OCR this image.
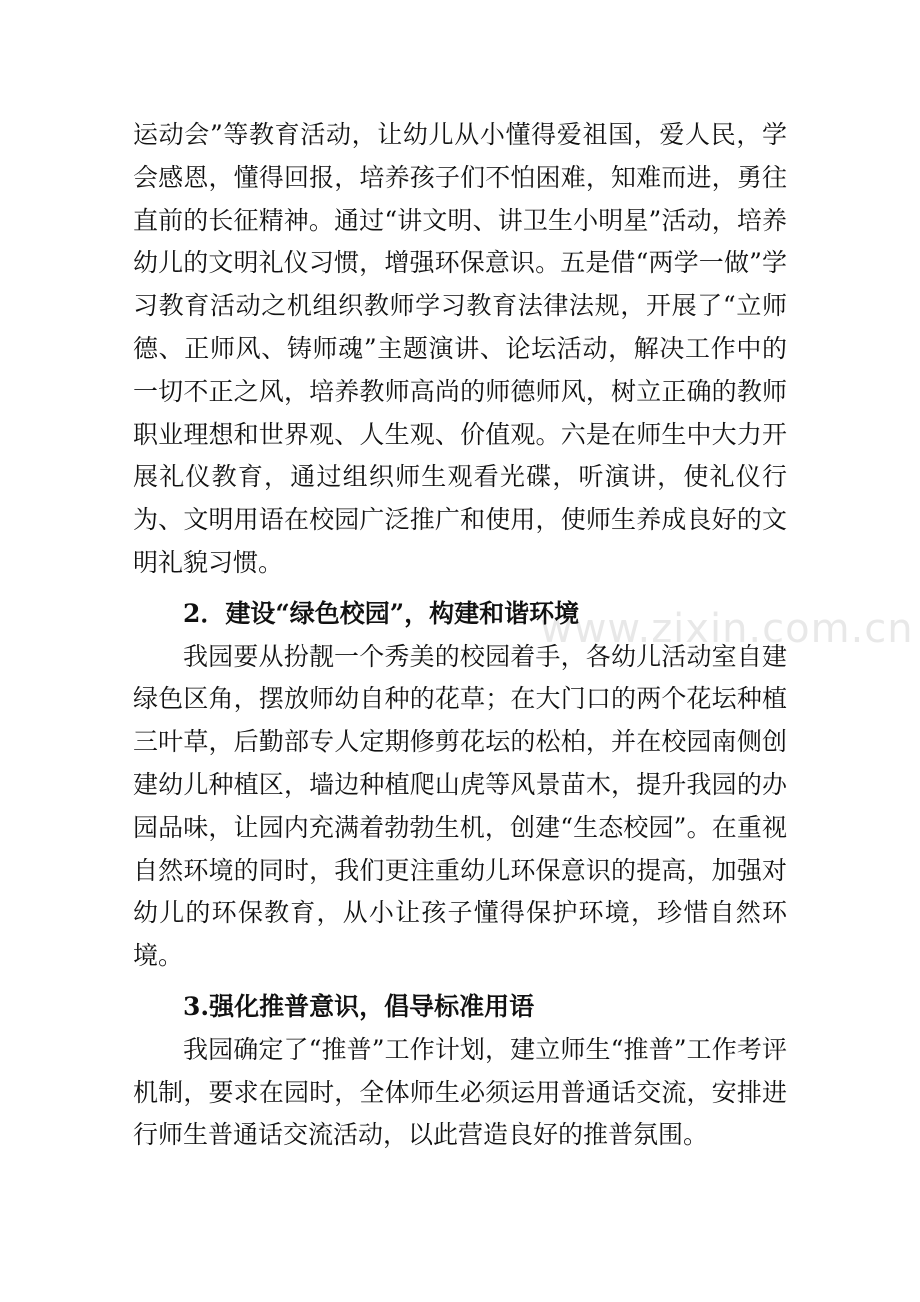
www.zixin.com.cn

运动会”等教育活动，让幼儿从小懂得爱祖国，爱人民，学会感恩，懂得回报，培养孩子们不怕困难，知难而进，勇往直前的长征精神。通过“讲文明、讲卫生小明星”活动，培养幼儿的文明礼仪习惯，增强环保意识。五是借“两学一做”学习教育活动之机组织教师学习教育法律法规，开展了“立师德、正师风、铸师魂”主题演讲、论坛活动，解决工作中的一切不正之风，培养教师高尚的师德师风，树立正确的教师职业理想和世界观、人生观、价值观。六是在师生中大力开展礼仪教育，通过组织师生观看光碟，听演讲，使礼仪行为、文明用语在校园广泛推广和使用，使师生养成良好的文明礼貌习惯。

2．建设“绿色校园”，构建和谐环境

我园要从扮靓一个秀美的校园着手，各幼儿活动室自建绿色区角，摆放师幼自种的花草；在大门口的两个花坛种植三叶草，后勤部专人定期修剪花坛的松柏，并在校园南侧创建幼儿种植区，墙边种植爬山虎等风景苗木，提升我园的办园品味，让园内充满着勃勃生机，创建“生态校园”。在重视自然环境的同时，我们更注重幼儿环保意识的提高，加强对幼儿的环保教育，从小让孩子懂得保护环境，珍惜自然环境。

3.强化推普意识，倡导标准用语

我园确定了“推普”工作计划，建立师生“推普”工作考评机制，要求在园时，全体师生必须运用普通话交流，安排进行师生普通话交流活动，以此营造良好的推普氛围。
